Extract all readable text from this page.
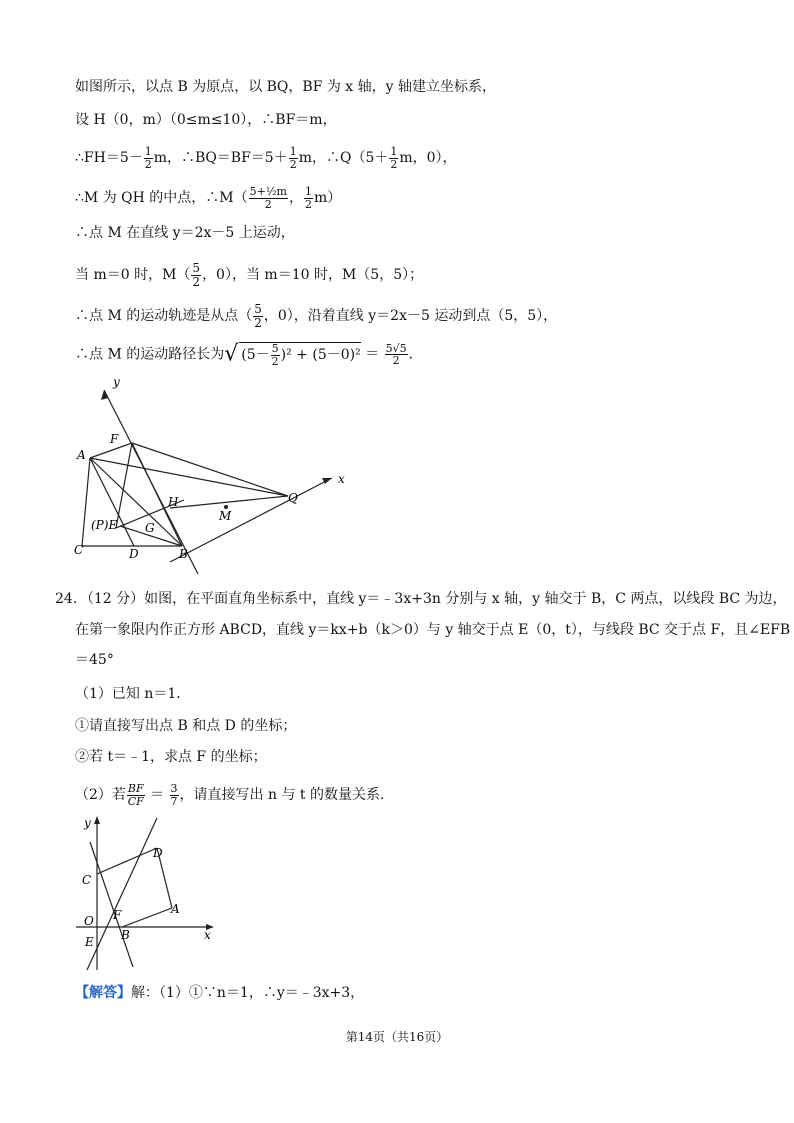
如图所示，以点 B 为原点，以 BQ，BF 为 x 轴，y 轴建立坐标系，
设 H（0，m）（0≤m≤10），∴BF＝m，
∴FH＝5－ $\frac{1}{2}$ m，∴BQ＝BF＝5＋ $\frac{1}{2}$ m，∴Q（5＋ $\frac{1}{2}$ m，0），
∴M 为 QH 的中点，∴M（ $\frac{\text{5+½m}}{2}$ ， $\frac{1}{2} m$）
∴点 M 在直线 y＝2x－5 上运动，
当 m＝0 时，$M( \frac{5}{2}$ ，0），当 m＝10 时，M（5，5）；
∴点 M 的运动轨迹是从点（ $\frac{5}{2}$ ，0），沿着直线 y＝2x－5 运动到点（5，5），
∴点 M 的运动路径长为√ $(5- \frac{5}{2} )^2 + (5-0)^2 = \frac{5√5}{2}$ ．
y
x
F
A
H	Q
M
(P)E G
C	D	B
24．（12 分）如图，在平面直角坐标系中，直线 y＝﹣3x+3n 分别与 x 轴，y 轴交于 B，C 两点，以线段 BC 为边，
在第一象限内作正方形 ABCD，直线 y＝kx+b（k＞0）与 y 轴交于点 E（0，t），与线段 BC 交于点 F，且∠EFB
＝45°
（1）已知 n＝1．
①请直接写出点 B 和点 D 的坐标；
②若 t＝﹣1，求点 F 的坐标；
（2）若 $\frac{BF}{CF} = \frac{3}{7}$ ，请直接写出 n 与 t 的数量关系．
y
D
C
A
O F
E B	x
【解答】解：（1）①∵n＝1，∴y＝﹣3x+3，
第14页（共16页）
